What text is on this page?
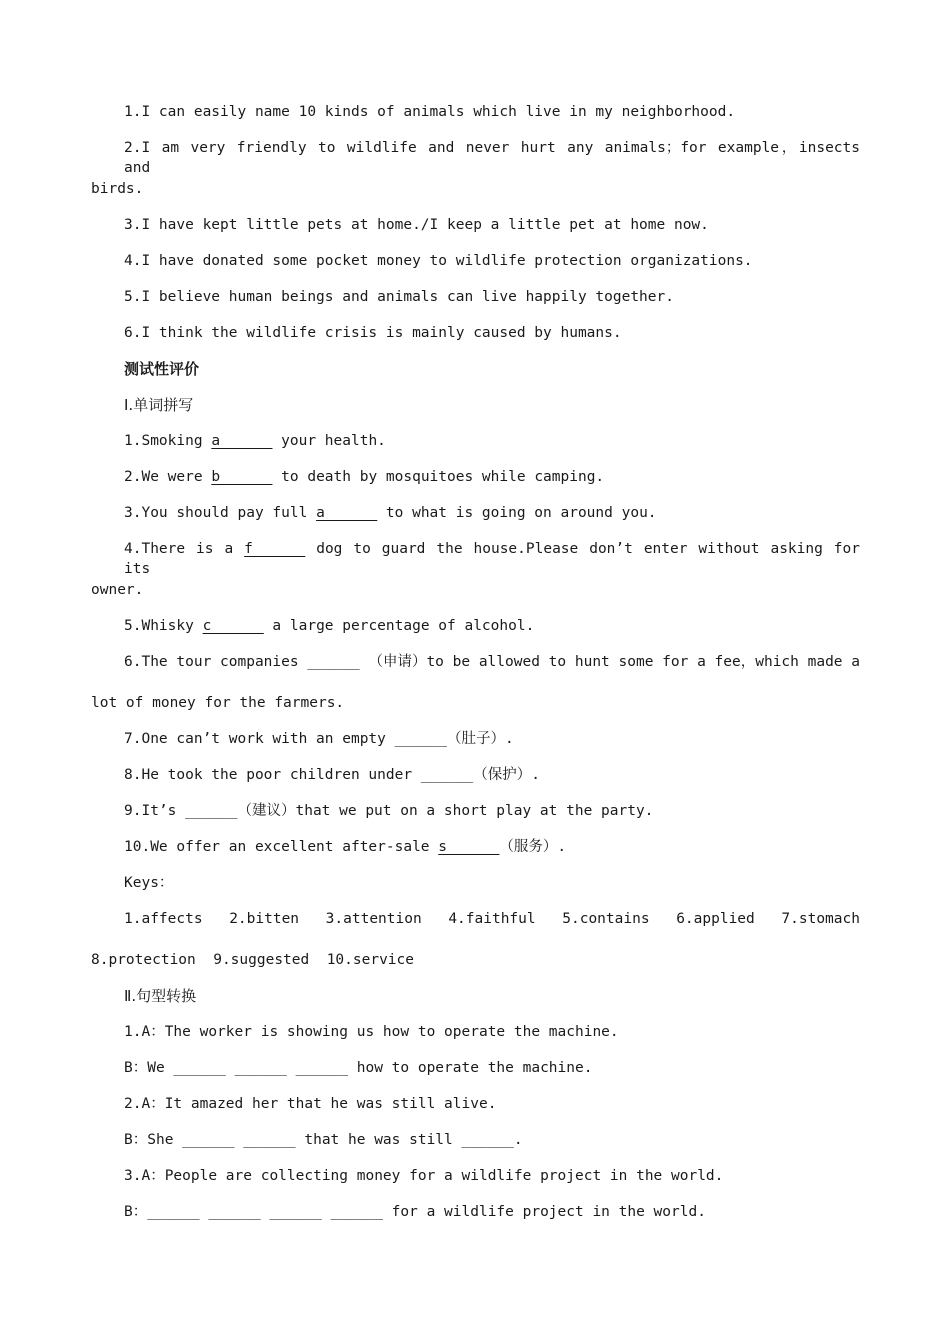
1.I can easily name 10 kinds of animals which live in my neighborhood.
2.I am very friendly to wildlife and never hurt any animals；for example，insects and
birds.
3.I have kept little pets at home./I keep a little pet at home now.
4.I have donated some pocket money to wildlife protection organizations.
5.I believe human beings and animals can live happily together.
6.I think the wildlife crisis is mainly caused by humans.
测试性评价
Ⅰ.单词拼写
1.Smoking a______ your health.
2.We were b______ to death by mosquitoes while camping.
3.You should pay full a______ to what is going on around you.
4.There is a f______ dog to guard the house.Please don’t enter without asking for its
owner.
5.Whisky c______ a large percentage of alcohol.
6.The tour companies ______ （申请）to be allowed to hunt some for a fee，which made a
lot of money for the farmers.
7.One can’t work with an empty ______（肚子）.
8.He took the poor children under ______（保护）.
9.It’s ______（建议）that we put on a short play at the party.
10.We offer an excellent after-sale s______（服务）.
Keys：
1.affects 2.bitten 3.attention 4.faithful 5.contains 6.applied 7.stomach
8.protection  9.suggested  10.service
Ⅱ.句型转换
1.A：The worker is showing us how to operate the machine.
B：We ______ ______ ______ how to operate the machine.
2.A：It amazed her that he was still alive.
B：She ______ ______ that he was still ______.
3.A：People are collecting money for a wildlife project in the world.
B：______ ______ ______ ______ for a wildlife project in the world.
